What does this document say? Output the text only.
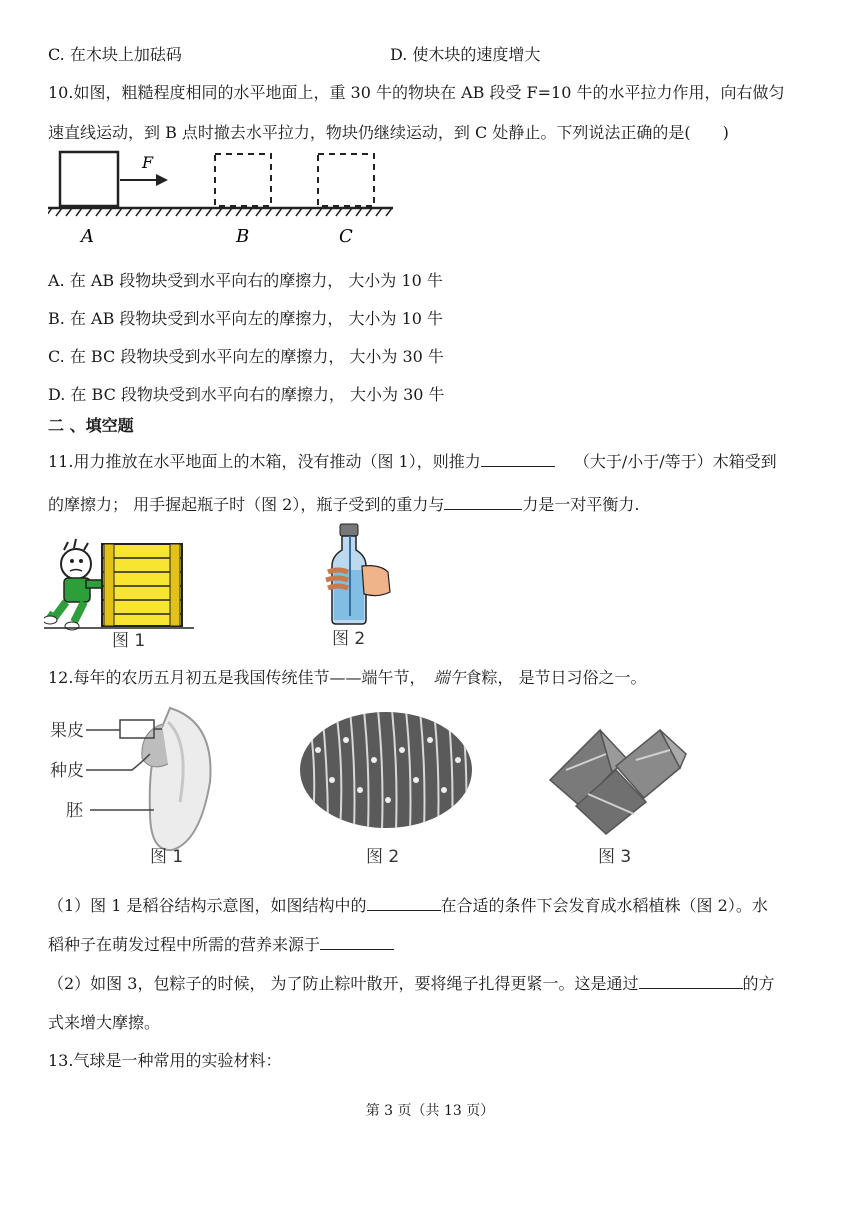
C. 在木块上加砝码	D. 使木块的速度增大
10.如图，粗糙程度相同的水平地面上，重 30 牛的物块在 AB 段受 F=10 牛的水平拉力作用，向右做匀
速直线运动，到 B 点时撤去水平拉力，物块仍继续运动，到 C 处静止。下列说法正确的是(　　)
F
A	B	C
A. 在 AB 段物块受到水平向右的摩擦力， 大小为 10 牛
B. 在 AB 段物块受到水平向左的摩擦力， 大小为 10 牛
C. 在 BC 段物块受到水平向左的摩擦力， 大小为 30 牛
D. 在 BC 段物块受到水平向右的摩擦力， 大小为 30 牛
二 、填空题
11.用力推放在水平地面上的木箱，没有推动（图 1），则推力	（大于/小于/等于）木箱受到
的摩擦力； 用手握起瓶子时（图 2），瓶子受到的重力与	力是一对平衡力.
图 1	图 2
12.每年的农历五月初五是我国传统佳节——端午节， 端午食粽， 是节日习俗之一。
果皮
种皮
胚
图 1	图 2	图 3
（1）图 1 是稻谷结构示意图，如图结构中的	在合适的条件下会发育成水稻植株（图 2）。水
稻种子在萌发过程中所需的营养来源于
（2）如图 3，包粽子的时候， 为了防止粽叶散开，要将绳子扎得更紧一。这是通过	的方
式来增大摩擦。
13.气球是一种常用的实验材料：
第 3 页（共 13 页）
